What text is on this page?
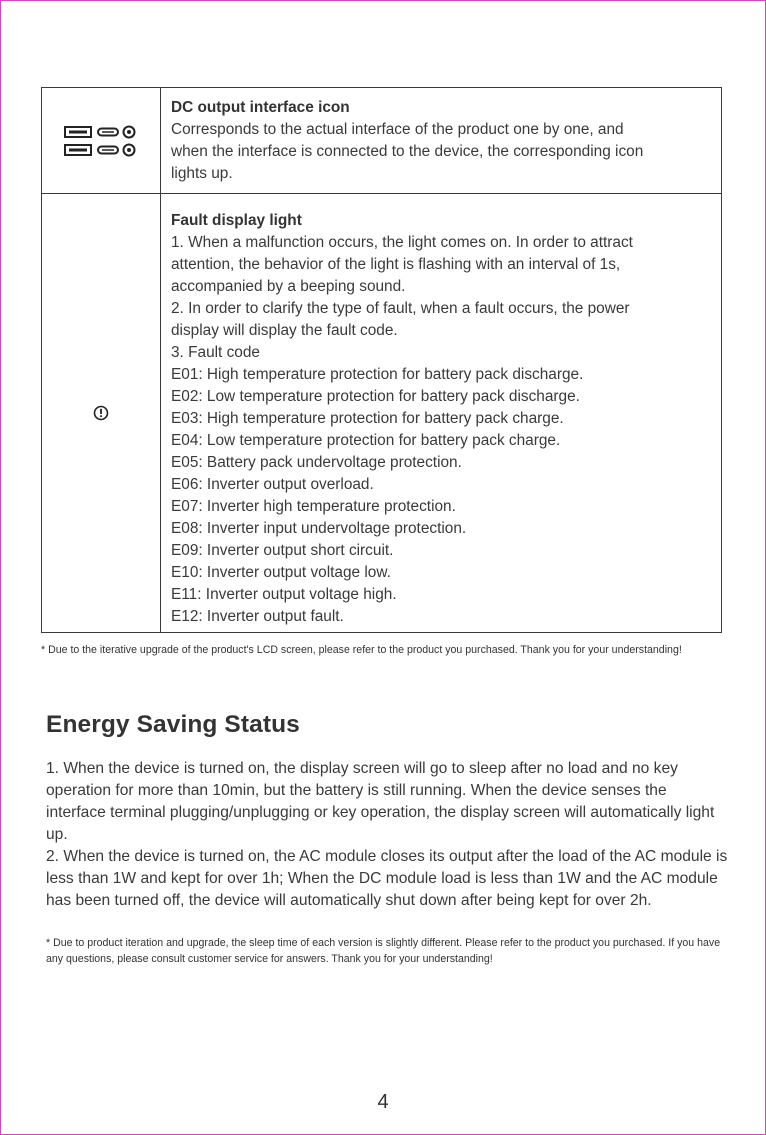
DC output interface icon
Corresponds to the actual interface of the product one by one, and
when the interface is connected to the device, the corresponding icon
lights up.
Fault display light
1. When a malfunction occurs, the light comes on. In order to attract
attention, the behavior of the light is flashing with an interval of 1s,
accompanied by a beeping sound.
2. In order to clarify the type of fault, when a fault occurs, the power
display will display the fault code.
3. Fault code
E01: High temperature protection for battery pack discharge.
E02: Low temperature protection for battery pack discharge.
E03: High temperature protection for battery pack charge.
E04: Low temperature protection for battery pack charge.
E05: Battery pack undervoltage protection.
E06: Inverter output overload.
E07: Inverter high temperature protection.
E08: Inverter input undervoltage protection.
E09: Inverter output short circuit.
E10: Inverter output voltage low.
E11: Inverter output voltage high.
E12: Inverter output fault.
* Due to the iterative upgrade of the product's LCD screen, please refer to the product you purchased. Thank you for your understanding!
Energy Saving Status
1. When the device is turned on, the display screen will go to sleep after no load and no key operation for more than 10min, but the battery is still running. When the device senses the interface terminal plugging/unplugging or key operation, the display screen will automatically light up.
2. When the device is turned on, the AC module closes its output after the load of the AC module is less than 1W and kept for over 1h; When the DC module load is less than 1W and the AC module has been turned off, the device will automatically shut down after being kept for over 2h.
* Due to product iteration and upgrade, the sleep time of each version is slightly different. Please refer to the product you purchased. If you have any questions, please consult customer service for answers. Thank you for your understanding!
4
